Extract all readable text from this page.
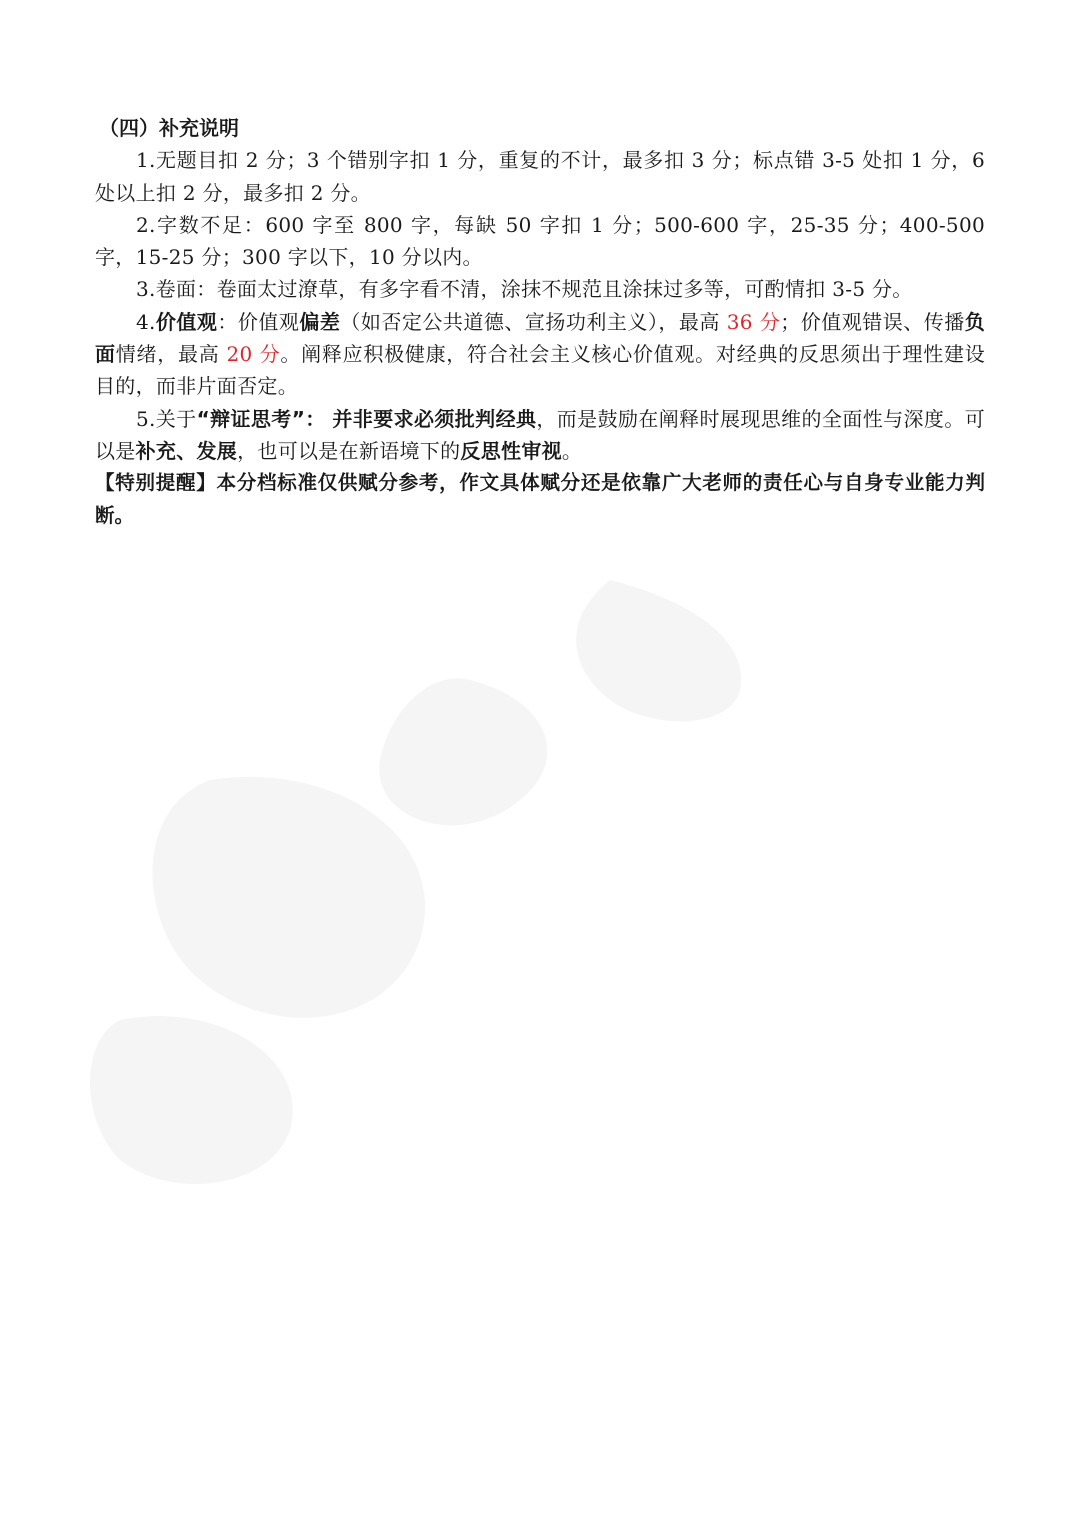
（四）补充说明

1.无题目扣 2 分；3 个错别字扣 1 分，重复的不计，最多扣 3 分；标点错 3-5 处扣 1 分，6 处以上扣 2 分，最多扣 2 分。

2.字数不足：600 字至 800 字，每缺 50 字扣 1 分；500-600 字，25-35 分；400-500 字，15-25 分；300 字以下，10 分以内。

3.卷面：卷面太过潦草，有多字看不清，涂抹不规范且涂抹过多等，可酌情扣 3-5 分。

4.价值观：价值观偏差（如否定公共道德、宣扬功利主义），最高 36 分；价值观错误、传播负面情绪，最高 20 分。阐释应积极健康，符合社会主义核心价值观。对经典的反思须出于理性建设目的，而非片面否定。

5.关于“辩证思考”： 并非要求必须批判经典，而是鼓励在阐释时展现思维的全面性与深度。可以是补充、发展，也可以是在新语境下的反思性审视。

【特别提醒】本分档标准仅供赋分参考，作文具体赋分还是依靠广大老师的责任心与自身专业能力判断。
